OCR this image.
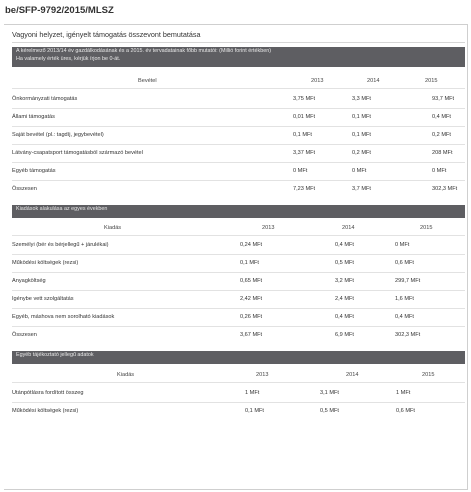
be/SFP-9792/2015/MLSZ
Vagyoni helyzet, igényelt támogatás összevont bemutatása
A kérelmező 2013/14 év gazdálkodásának és a 2015. év tervadatainak főbb mutatói: (Millió forint értékben)
Ha valamely érték üres, kérjük írjon be 0-át.
Bevétel	2013	2014	2015
Önkormányzati támogatás	3,75 MFt	3,3 MFt	93,7 MFt
Állami támogatás	0,01 MFt	0,1 MFt	0,4 MFt
Saját bevétel (pl.: tagdíj, jegybevétel)	0,1 MFt	0,1 MFt	0,2 MFt
Látvány-csapatsport támogatásból származó bevétel	3,37 MFt	0,2 MFt	208 MFt
Egyéb támogatás	0 MFt	0 MFt	0 MFt
Összesen	7,23 MFt	3,7 MFt	302,3 MFt
Kiadások alakulása az egyes években
Kiadás	2013	2014	2015
Személyi (bér és bérjellegű + járulékai)	0,24 MFt	0,4 MFt	0 MFt
Működési költségek (rezsi)	0,1 MFt	0,5 MFt	0,6 MFt
Anyagköltség	0,65 MFt	3,2 MFt	299,7 MFt
Igénybe vett szolgáltatás	2,42 MFt	2,4 MFt	1,6 MFt
Egyéb, máshova nem sorolható kiadások	0,26 MFt	0,4 MFt	0,4 MFt
Összesen	3,67 MFt	6,9 MFt	302,3 MFt
Egyéb tájékoztató jellegű adatok
Kiadás	2013	2014	2015
Utánpótlásra fordított összeg	1 MFt	3,1 MFt	1 MFt
Működési költségek (rezsi)	0,1 MFt	0,5 MFt	0,6 MFt
